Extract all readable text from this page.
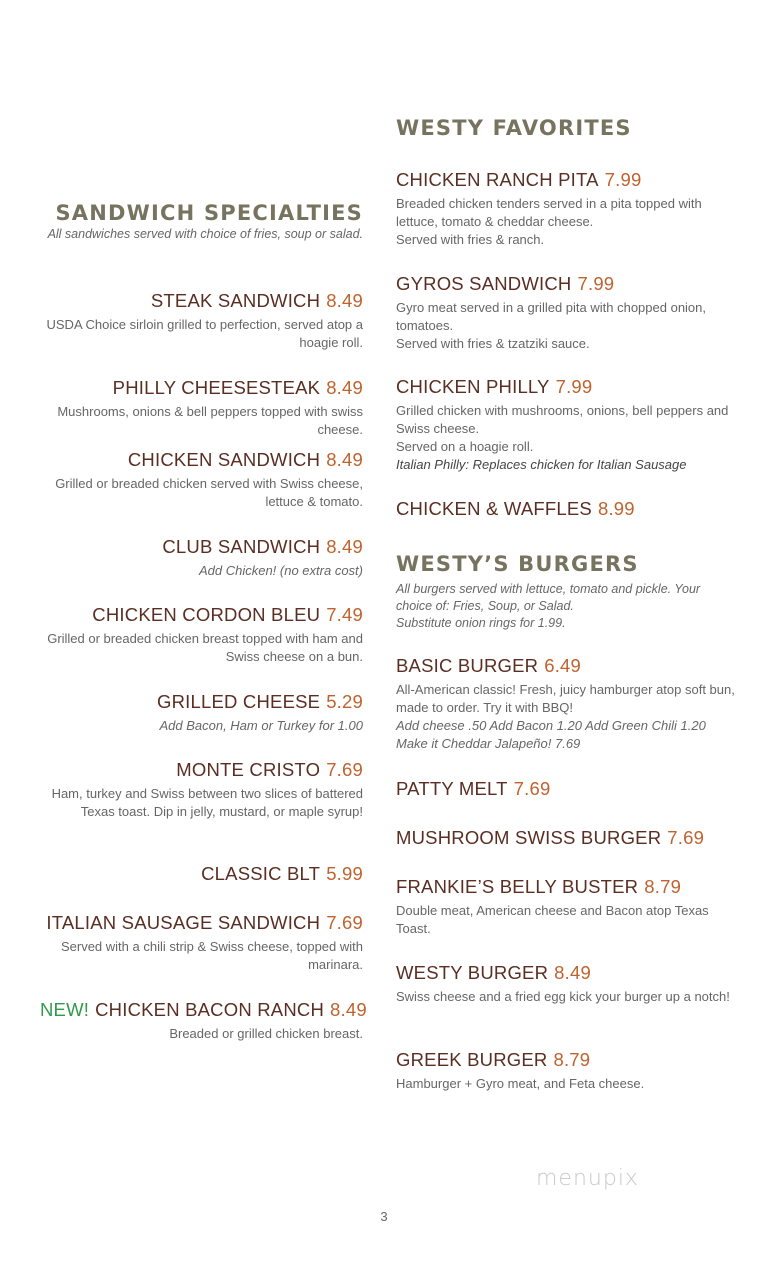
SANDWICH SPECIALTIES
All sandwiches served with choice of fries, soup or salad.
STEAK SANDWICH 8.49
USDA Choice sirloin grilled to perfection, served atop a hoagie roll.
PHILLY CHEESESTEAK 8.49
Mushrooms, onions & bell peppers topped with swiss cheese.
CHICKEN SANDWICH 8.49
Grilled or breaded chicken served with Swiss cheese, lettuce & tomato.
CLUB SANDWICH 8.49
Add Chicken! (no extra cost)
CHICKEN CORDON BLEU 7.49
Grilled or breaded chicken breast topped with ham and Swiss cheese on a bun.
GRILLED CHEESE 5.29
Add Bacon, Ham or Turkey for 1.00
MONTE CRISTO 7.69
Ham, turkey and Swiss between two slices of battered Texas toast. Dip in jelly, mustard, or maple syrup!
CLASSIC BLT 5.99
ITALIAN SAUSAGE SANDWICH 7.69
Served with a chili strip & Swiss cheese, topped with marinara.
NEW! CHICKEN BACON RANCH 8.49
Breaded or grilled chicken breast.
WESTY FAVORITES
CHICKEN RANCH PITA 7.99
Breaded chicken tenders served in a pita topped with lettuce, tomato & cheddar cheese.
Served with fries & ranch.
GYROS SANDWICH 7.99
Gyro meat served in a grilled pita with chopped onion, tomatoes.
Served with fries & tzatziki sauce.
CHICKEN PHILLY 7.99
Grilled chicken with mushrooms, onions, bell peppers and Swiss cheese.
Served on a hoagie roll.
Italian Philly: Replaces chicken for Italian Sausage
CHICKEN & WAFFLES 8.99
WESTY’S BURGERS
All burgers served with lettuce, tomato and pickle. Your choice of: Fries, Soup, or Salad.
Substitute onion rings for 1.99.
BASIC BURGER 6.49
All-American classic! Fresh, juicy hamburger atop soft bun, made to order. Try it with BBQ!
Add cheese .50 Add Bacon 1.20 Add Green Chili 1.20
Make it Cheddar Jalapeño! 7.69
PATTY MELT 7.69
MUSHROOM SWISS BURGER 7.69
FRANKIE’S BELLY BUSTER 8.79
Double meat, American cheese and Bacon atop Texas Toast.
WESTY BURGER 8.49
Swiss cheese and a fried egg kick your burger up a notch!
GREEK BURGER 8.79
Hamburger + Gyro meat, and Feta cheese.
menupix
3
